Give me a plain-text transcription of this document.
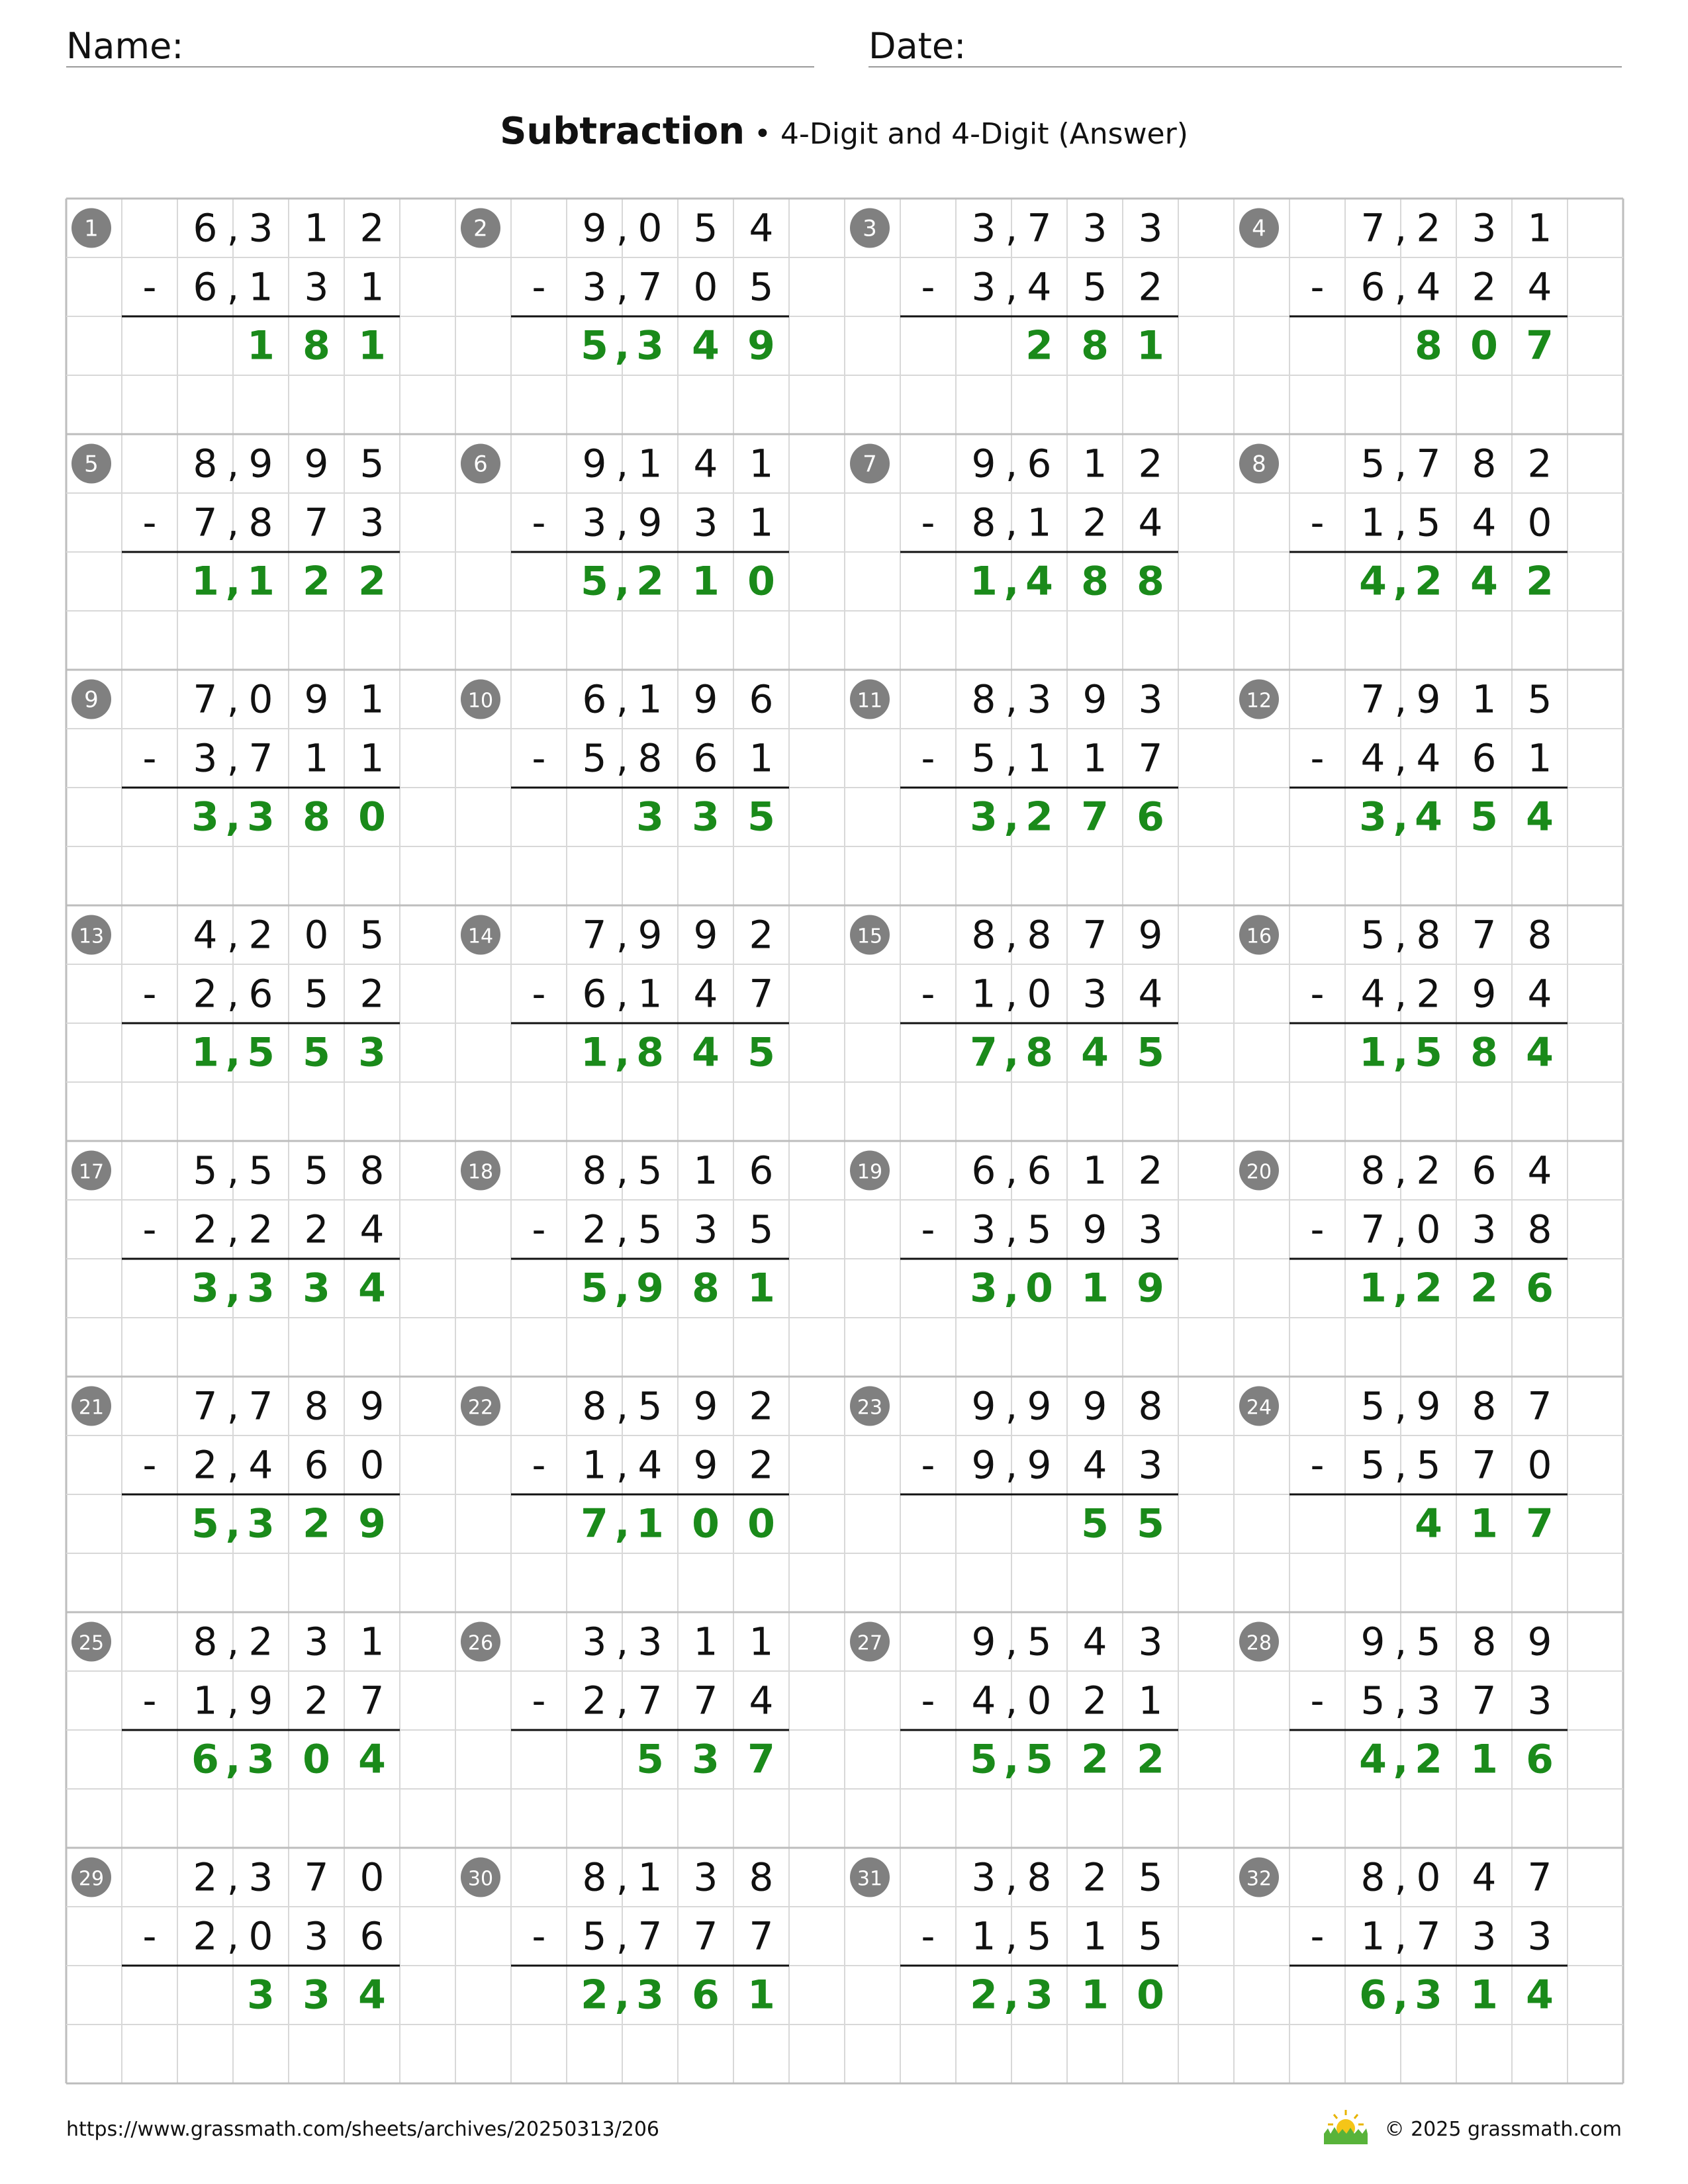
Name:	Date:
Subtraction • 4-Digit and 4-Digit (Answer)
1 6 , 3 1 2
6 , 1 3 1
-
1 8 1
2 9 , 0 5 4
3 , 7 0 5
-
5 , 3 4 9
3 3 , 7 3 3
3 , 4 5 2
-
2 8 1
4 7 , 2 3 1
6 , 4 2 4
-
8 0 7
5 8 , 9 9 5
7 , 8 7 3
-
1 , 1 2 2
6 9 , 1 4 1
3 , 9 3 1
-
5 , 2 1 0
7 9 , 6 1 2
8 , 1 2 4
-
1 , 4 8 8
8 5 , 7 8 2
1 , 5 4 0
-
4 , 2 4 2
9 7 , 0 9 1
3 , 7 1 1
-
3 , 3 8 0
10 6 , 1 9 6
5 , 8 6 1
-
3 3 5
11 8 , 3 9 3
5 , 1 1 7
-
3 , 2 7 6
12 7 , 9 1 5
4 , 4 6 1
-
3 , 4 5 4
13 4 , 2 0 5
2 , 6 5 2
-
1 , 5 5 3
14 7 , 9 9 2
6 , 1 4 7
-
1 , 8 4 5
15 8 , 8 7 9
1 , 0 3 4
-
7 , 8 4 5
16 5 , 8 7 8
4 , 2 9 4
-
1 , 5 8 4
17 5 , 5 5 8
2 , 2 2 4
-
3 , 3 3 4
18 8 , 5 1 6
2 , 5 3 5
-
5 , 9 8 1
19 6 , 6 1 2
3 , 5 9 3
-
3 , 0 1 9
20 8 , 2 6 4
7 , 0 3 8
-
1 , 2 2 6
21 7 , 7 8 9
2 , 4 6 0
-
5 , 3 2 9
22 8 , 5 9 2
1 , 4 9 2
-
7 , 1 0 0
23 9 , 9 9 8
9 , 9 4 3
-
5 5
24 5 , 9 8 7
5 , 5 7 0
-
4 1 7
25 8 , 2 3 1
1 , 9 2 7
-
6 , 3 0 4
26 3 , 3 1 1
2 , 7 7 4
-
5 3 7
27 9 , 5 4 3
4 , 0 2 1
-
5 , 5 2 2
28 9 , 5 8 9
5 , 3 7 3
-
4 , 2 1 6
29 2 , 3 7 0
2 , 0 3 6
-
3 3 4
30 8 , 1 3 8
5 , 7 7 7
-
2 , 3 6 1
31 3 , 8 2 5
1 , 5 1 5
-
2 , 3 1 0
32 8 , 0 4 7
1 , 7 3 3
-
6 , 3 1 4
https://www.grassmath.com/sheets/archives/20250313/206	© 2025 grassmath.com
